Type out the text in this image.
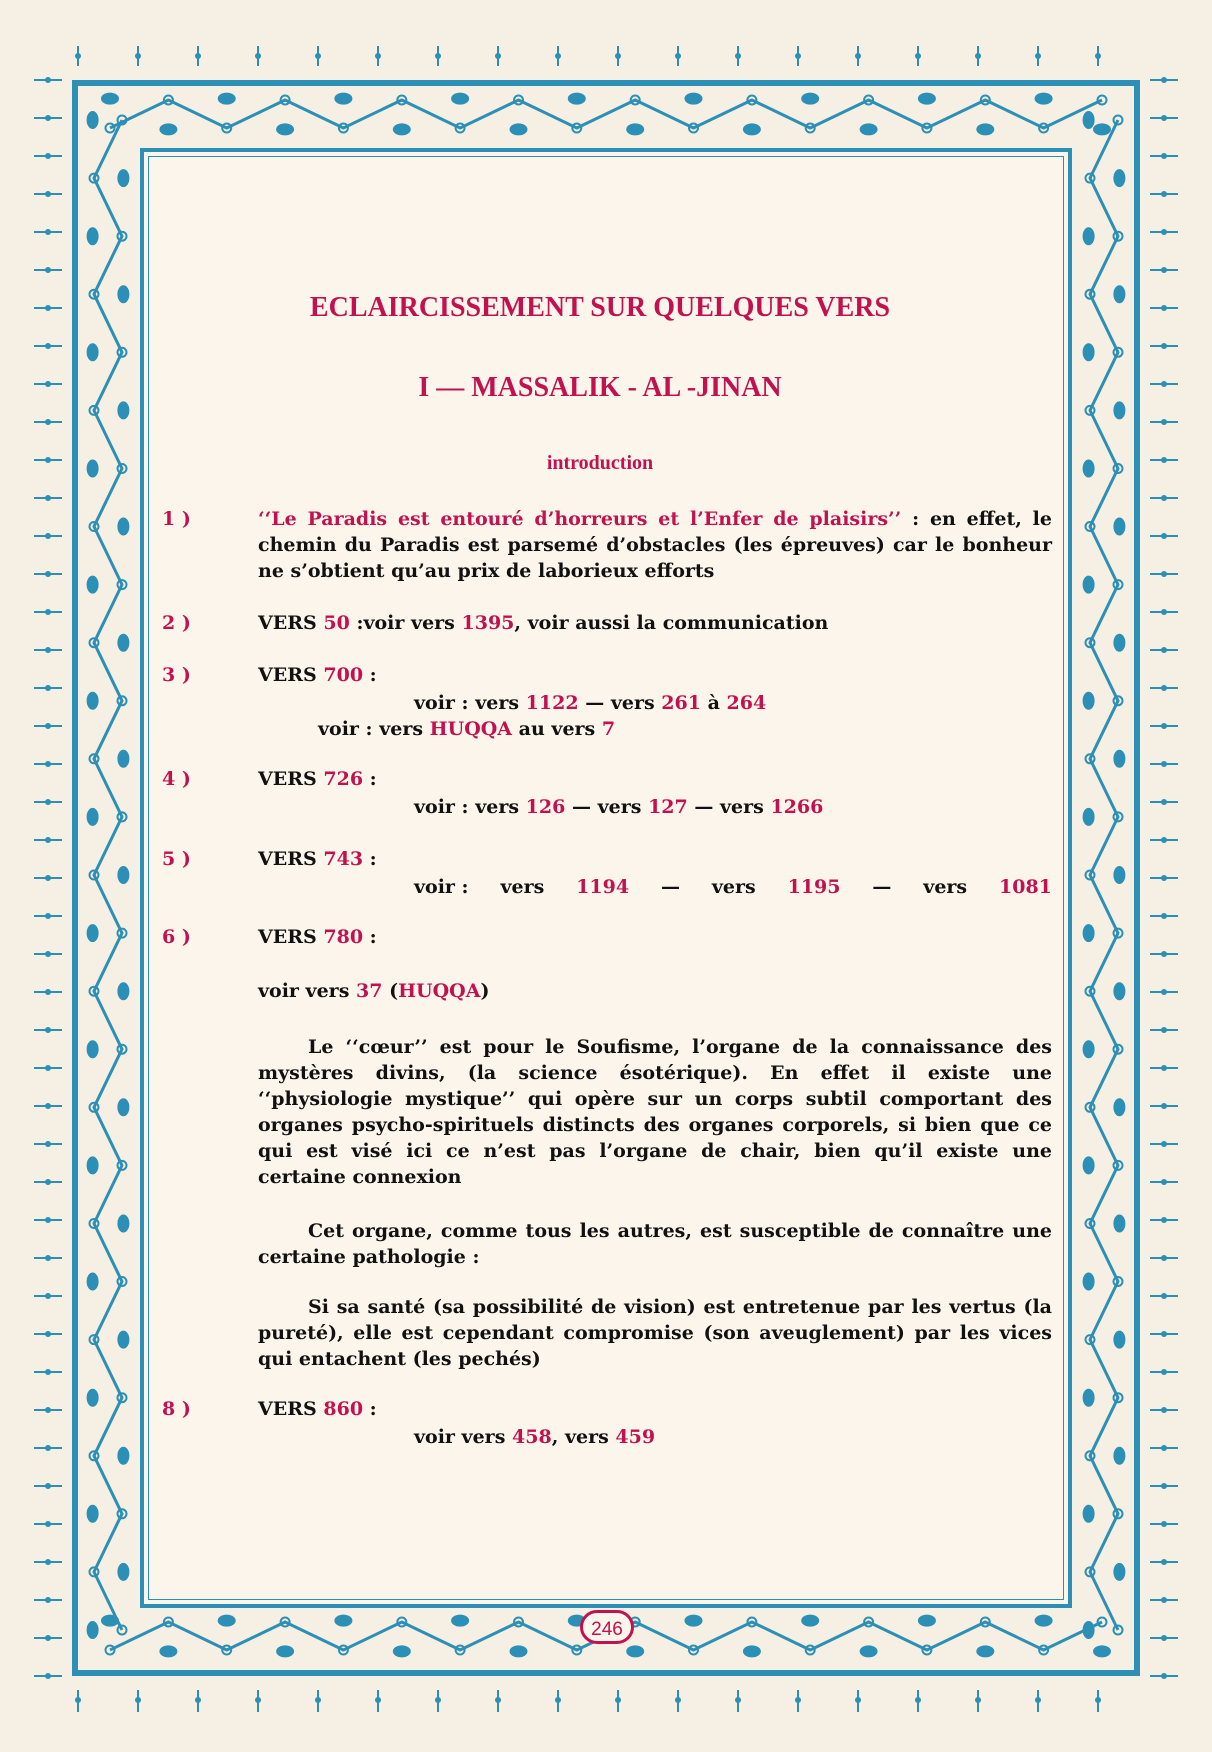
ECLAIRCISSEMENT SUR QUELQUES VERS
I — MASSALIK - AL -JINAN
introduction
1 )	‘‘Le Paradis est entouré d’horreurs et l’Enfer de plaisirs’’ : en effet, le chemin du Paradis est parsemé d’obstacles (les épreuves) car le bonheur ne s’obtient qu’au prix de laborieux efforts
2 )	VERS 50 :voir vers 1395, voir aussi la communication
3 )	VERS 700 :
voir : vers 1122 — vers 261 à 264
voir : vers HUQQA au vers 7
4 )	VERS 726 :
voir : vers 126 — vers 127 — vers 1266
5 )	VERS 743 :
voir : vers 1194 — vers 1195 — vers 1081
6 )	VERS 780 :
voir vers 37 (HUQQA)
Le ‘‘cœur’’ est pour le Soufisme, l’organe de la connaissance des mystères divins, (la science ésotérique). En effet il existe une ‘‘physiologie mystique’’ qui opère sur un corps subtil comportant des organes psycho-spirituels distincts des organes corporels, si bien que ce qui est visé ici ce n’est pas l’organe de chair, bien qu’il existe une certaine connexion
Cet organe, comme tous les autres, est susceptible de connaître une certaine pathologie :
Si sa santé (sa possibilité de vision) est entretenue par les vertus (la pureté), elle est cependant compromise (son aveuglement) par les vices qui entachent (les pechés)
8 )	VERS 860 :
voir vers 458, vers 459
246
